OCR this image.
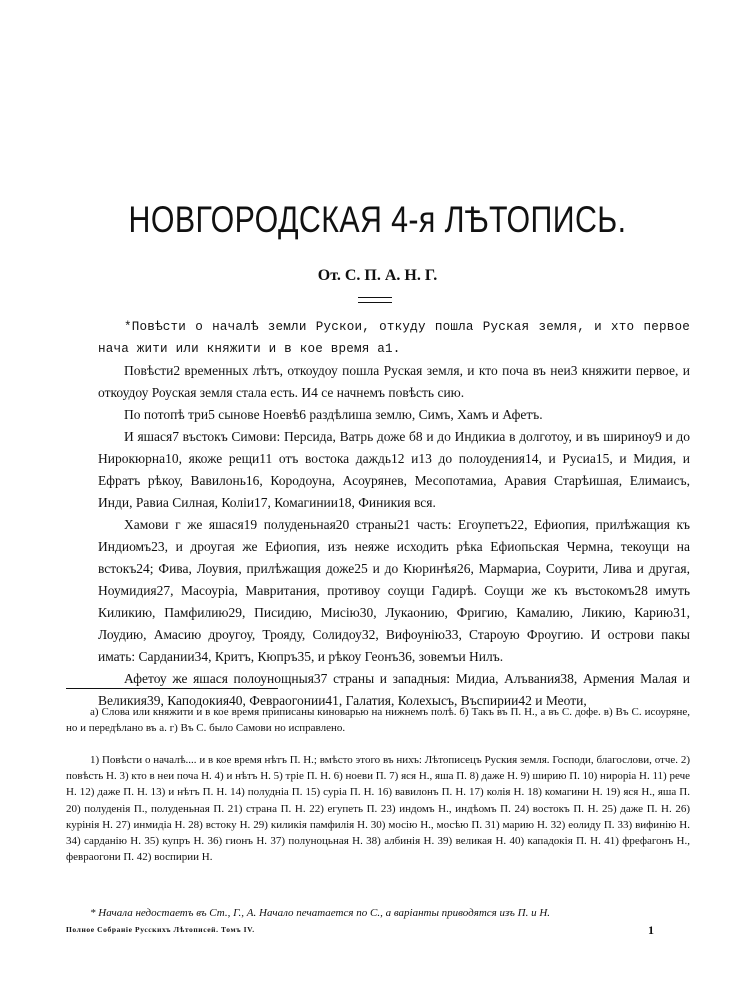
НОВГОРОДСКАЯ 4-я ЛѢТОПИСЬ.
От. С. П. А. Н. Г.

*Повѣсти о началѣ земли Рускои, откуду пошла Руская земля, и хто первое нача жити или княжити и в кое время а1.

Повѣсти2 временных лѣтъ, откоудоу пошла Руская земля, и кто поча въ неи3 княжити первое, и откоудоу Роуская земля стала есть. И4 се начнемъ повѣсть сию.

По потопѣ три5 сынове Ноевѣ6 раздѣлиша землю, Симъ, Хамъ и Афетъ.

И яшася7 въстокъ Симови: Персида, Ватрь доже б8 и до Индикиа в долготоу, и въ шириноу9 и до Нирокюрна10, якоже рещи11 отъ востока даждь12 и13 до полоудения14, и Русиа15, и Мидия, и Ефратъ рѣкоу, Вавилонь16, Кородоуна, Асоурянев, Месопотамиа, Аравия Старѣишая, Елимаисъ, Инди, Равиа Силная, Колiи17, Комагинии18, Финикия вся.

Хамови г же яшася19 полуденьная20 страны21 часть: Егоупетъ22, Ефиопия, прилѣжащия къ Индиомъ23, и дроугая же Ефиопия, изъ неяже исходить рѣка Ефиопьская Чермна, текоущи на встокъ24; Фива, Лоувия, прилѣжащия доже25 и до Кюринѣя26, Мармариа, Соурити, Лива и другая, Ноумидия27, Масоуріа, Мавритания, противоу соущи Гадирѣ. Соущи же къ въстокомъ28 имуть Киликию, Памфилию29, Писидию, Мисiю30, Лукаонию, Фригию, Камалию, Ликию, Карию31, Лоудию, Амасию дроугоу, Трояду, Солидоу32, Вифоунiю33, Староую Фроугию. И острови пакы имать: Сардании34, Критъ, Кюпръ35, и рѣкоу Геонъ36, зовемъи Нилъ.

Афетоу же яшася полоунощныя37 страны и западныя: Мидиа, Алъвания38, Армения Малая и Великия39, Каподокия40, Февраогонии41, Галатия, Колехысъ, Въспирии42 и Меоти,

а) Слова или княжити и в кое время приписаны киноварью на нижнемъ полѣ. б) Такъ въ П. Н., а въ С. дофе. в) Въ С. исоуряне, но и передѣлано въ а. г) Въ С. было Самови но исправлено.

1) Повѣсти о началѣ.... и в кое время нѣтъ П. Н.; вмѣсто этого въ нихъ: Лѣтописецъ Руския земля. Господи, благослови, отче. 2) повѣсть Н. 3) кто в неи поча Н. 4) и нѣтъ Н. 5) трiе П. Н. 6) ноеви П. 7) яся Н., яша П. 8) даже Н. 9) ширию П. 10) нирорiа Н. 11) рече Н. 12) даже П. Н. 13) и нѣтъ П. Н. 14) полуднiа П. 15) сурiа П. Н. 16) вавилонъ П. Н. 17) колiя Н. 18) комагини Н. 19) яся Н., яша П. 20) полуденiя П., полуденьная П. 21) страна П. Н. 22) егупеть П. 23) индомъ Н., индѣомъ П. 24) востокъ П. Н. 25) даже П. Н. 26) курiнiя Н. 27) инмидiа Н. 28) встоку Н. 29) киликiя памфилiя Н. 30) мосiю Н., мосѣю П. 31) марию Н. 32) еолиду П. 33) вифинiю Н. 34) сарданiю Н. 35) купръ Н. 36) гионъ Н. 37) полуноцьная Н. 38) албинiя Н. 39) великая Н. 40) кападокiя П. Н. 41) фрефагонъ Н., февраогони П. 42) воспирии Н.

* Начала недостаетъ въ Ст., Г., А. Начало печатается по С., а варiанты приводятся изъ П. и Н.
Полное Собранiе Русскихъ Лѣтописей. Томъ IV.	1
